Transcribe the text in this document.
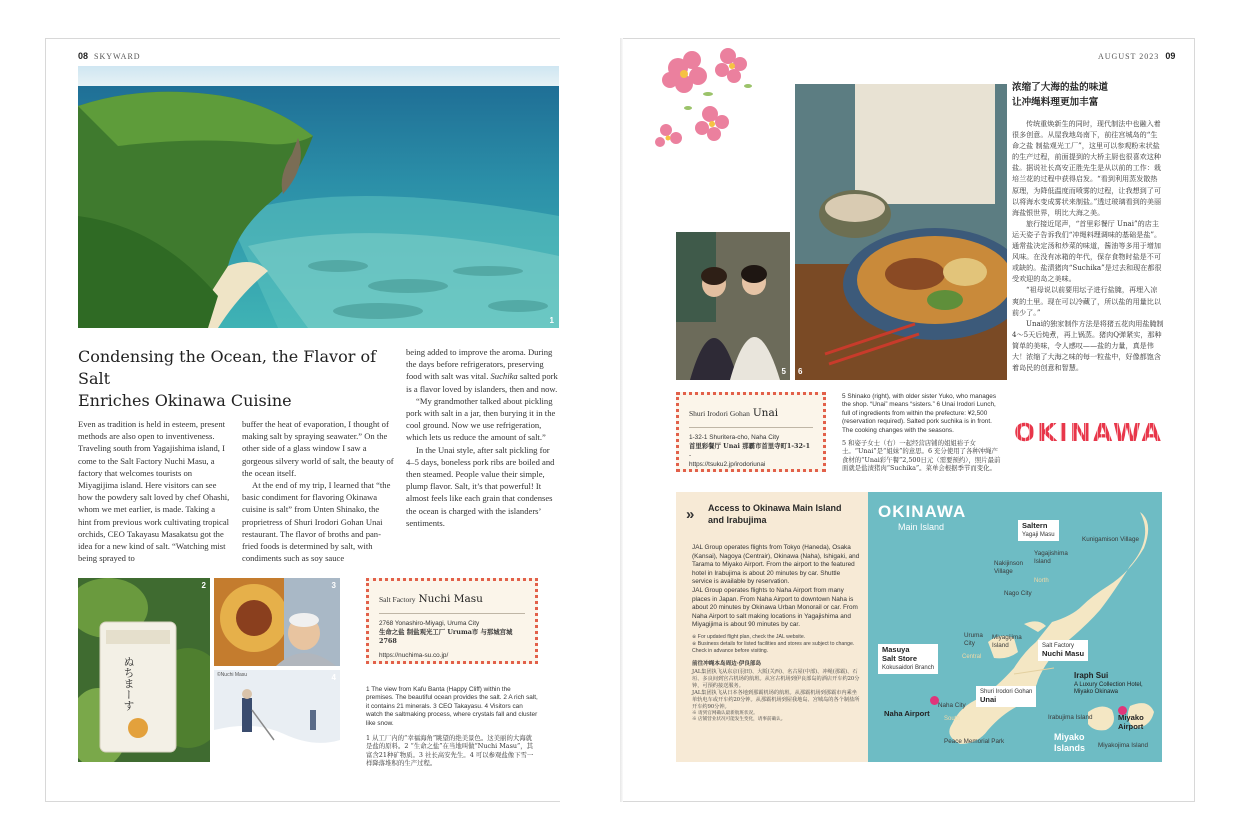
08 SKYWARD
1
Condensing the Ocean, the Flavor of Salt
Enriches Okinawa Cuisine

Even as tradition is held in esteem, present methods are also open to inventiveness. Traveling south from Yagajishima island, I come to the Salt Factory Nuchi Masu, a factory that welcomes tourists on Miyagijima island. Here visitors can see how the powdery salt loved by chef Ohashi, whom we met earlier, is made. Taking a hint from previous work cultivating tropical orchids, CEO Takayasu Masakatsu got the idea for a new kind of salt. “Watching mist being sprayed to

buffer the heat of evaporation, I thought of making salt by spraying seawater.” On the other side of a glass window I saw a gorgeous silvery world of salt, the beauty of the ocean itself.

At the end of my trip, I learned that “the basic condiment for flavoring Okinawa cuisine is salt” from Unten Shinako, the proprietress of Shuri Irodori Gohan Unai restaurant. The flavor of broths and pan-fried foods is determined by salt, with condiments such as soy sauce

being added to improve the aroma. During the days before refrigerators, preserving food with salt was vital. Suchika salted pork is a flavor loved by islanders, then and now.

“My grandmother talked about pickling pork with salt in a jar, then burying it in the cool ground. Now we use refrigeration, which lets us reduce the amount of salt.”

In the Unai style, after salt pickling for 4–5 days, boneless pork ribs are boiled and then steamed. People value their simple, plump flavor. Salt, it’s that powerful! It almost feels like each grain that condenses the ocean is charged with the islanders’ sentiments.

ぬちまーす
2	3
©Nuchi Masu	4
Salt Factory Nuchi Masu
2768 Yonashiro-Miyagi, Uruma City
生命之盐 制盐观光工厂 Uruma市 与那城宫城2768
https://nuchima-su.co.jp/
1 The view from Kafu Banta (Happy Cliff) within the premises. The beautiful ocean provides the salt. 2 A rich salt, it contains 21 minerals. 3 CEO Takayasu. 4 Visitors can watch the saltmaking process, where crystals fall and cluster like snow.
1 从工厂内的“幸福海角”眺望的绝美景色。这美丽的大海就是盐的原料。2 “生命之盐”在当地叫做“Nuchi Masu”，其富含21种矿物质。3 社长高安先生。4 可以参观盐像下雪一样降落堆积的生产过程。
AUGUST 2023 09
6
5
浓缩了大海的盐的味道
让冲绳料理更加丰富

传统重焕新生的同时，现代制法中也融入着很多创意。从屋我地岛南下，前往宫城岛的“生命之盐 制盐观光工厂”，这里可以参观粉末状盐的生产过程，前面提到的大桥主厨也很喜欢这种盐。据说社长高安正胜先生是从以前的工作：栽培兰花的过程中获得启发。“看到利用蒸发散热原理，为降低温度而喷雾的过程，让我想到了可以将海水变成雾状来制盐。”透过玻璃看到的美丽海盐银世界，明比大海之美。

旅行接近尾声，“首里彩餐厅 Unai”的店主运天姿子告诉我们“冲绳料理调味的基础是盐”。通常盐决定汤和炒菜的味道，酱油等多用于增加风味。在没有冰箱的年代，保存食物时盐是不可或缺的。盐渍猪肉“Suchika”是过去和现在都很受欢迎的岛之美味。

“祖母说以前要用坛子进行盐腌，再埋入凉爽的土里。现在可以冷藏了，所以盐的用量比以前少了。”

Unai的独家制作方法是将猪五花肉用盐腌制4～5天后炖煮，再上锅蒸。猪肉Q弹紧实，那种简单的美味，令人感叹——盐的力量，真是伟大！浓缩了大海之味的每一粒盐中，好像都饱含着岛民的创意和智慧。

Shuri Irodori Gohan Unai
1-32-1 Shuritera-cho, Naha City
首里彩餐厅 Unai 那霸市首里寺町1-32-1
-
https://tsuku2.jp/irodoriunai
5 Shinako (right), with older sister Yuko, who manages the shop. “Unai” means “sisters.” 6 Unai Irodori Lunch, full of ingredients from within the prefecture: ¥2,500 (reservation required). Salted pork suchika is in front. The cooking changes with the seasons.
5 和姿子女士（右）一起经营店铺的姐姐裕子女士。“Unai”是“姐妹”的意思。6 充分使用了各种冲绳产食材的“Unai彩午餐”2,500日元（需要预约），照片最前面就是盐渍猪肉“Suchika”。菜单会根据季节而变化。
OKINAWA
» Access to Okinawa Main Island
and Irabujima
JAL Group operates flights from Tokyo (Haneda), Osaka (Kansai), Nagoya (Centrair), Okinawa (Naha), Ishigaki, and Tarama to Miyako Airport. From the airport to the featured hotel in Irabujima is about 20 minutes by car. Shuttle service is available by reservation.
JAL Group operates flights to Naha Airport from many places in Japan. From Naha Airport to downtown Naha is about 20 minutes by Okinawa Urban Monorail or car. From Naha Airport to salt making locations in Yagajishima and Miyagijima is about 90 minutes by car.
※ For updated flight plan, check the JAL website.
※ Business details for listed facilities and stores are subject to change. Check in advance before visiting.
前往冲绳本岛周边·伊良部岛
JAL集团执飞从东京(羽田)、大阪(关西)、名古屋(中部)、冲绳(那霸)、石垣、多良间到宫古机场的航班。从宫古机场到伊良部岛的酒店开车约20分钟，可预约接送服务。
JAL集团执飞从日本各地到那霸机场的航班。从那霸机场到那霸市内乘坐单轨电车或开车约20分钟。从那霸机场到屋我地岛、宫城岛的各个制盐所开车约90分钟。
※ 请到官网确认最新航班状况。
※ 店铺营业状况可能发生变化，请事前确认。
OKINAWA
Main Island	Saltern
Yagaji Masu
Kunigamison Village
Yagajishima Island
Nakijinson Village
North
Nago City
Uruma City
Miyagijima Island
Central
Salt Factory
Nuchi Masu
Masuya
Salt Store
Kokusaidori Branch
Shuri Irodori Gohan
Unai
Naha City
Naha Airport
South
Peace Memorial Park
Iraph Sui
A Luxury Collection Hotel,
Miyako Okinawa
Irabujima Island	Miyako
Airport
Miyako
Islands Miyakojima Island
